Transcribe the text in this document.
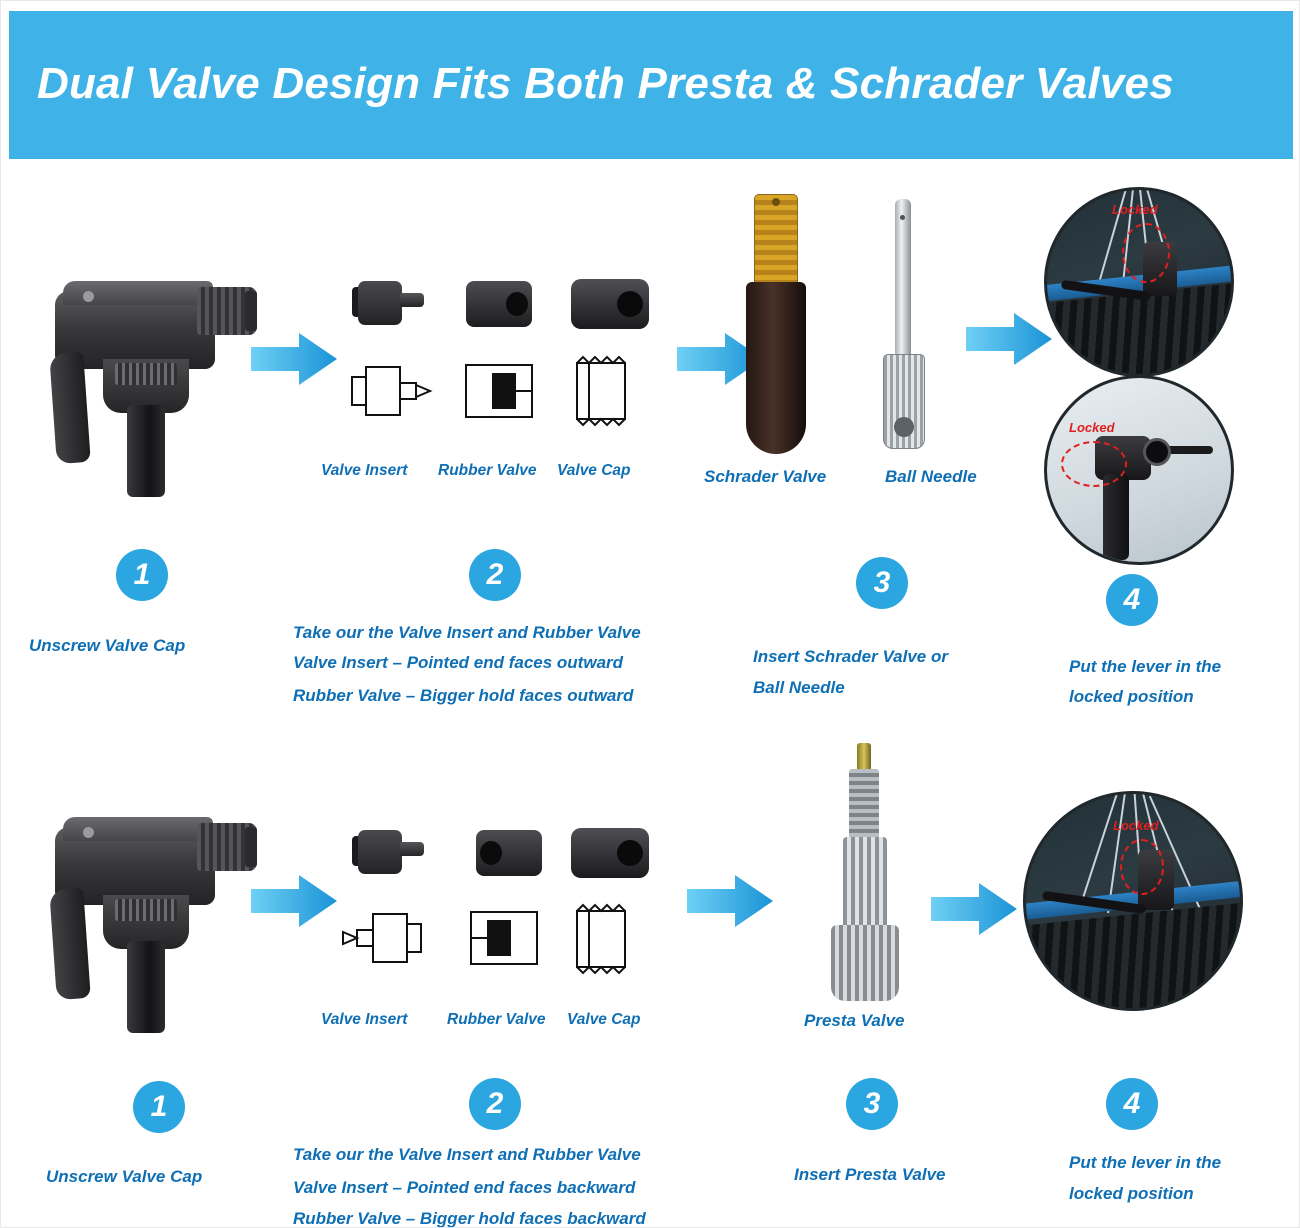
Dual Valve Design Fits Both Presta & Schrader Valves
Valve Insert Rubber Valve Valve Cap	Schrader Valve	Ball Needle
Locked
Locked
1
Unscrew Valve Cap
2
Take our the Valve Insert and Rubber Valve
Valve Insert – Pointed end faces outward
Rubber Valve – Bigger hold faces outward
3
Insert Schrader Valve or
Ball Needle
4
Put the lever in the
locked position
Valve Insert	Rubber Valve Valve Cap	Presta Valve
Locked
1
Unscrew Valve Cap
2
Take our the Valve Insert and Rubber Valve
Valve Insert – Pointed end faces backward
Rubber Valve – Bigger hold faces backward
3
Insert Presta Valve
4
Put the lever in the
locked position
